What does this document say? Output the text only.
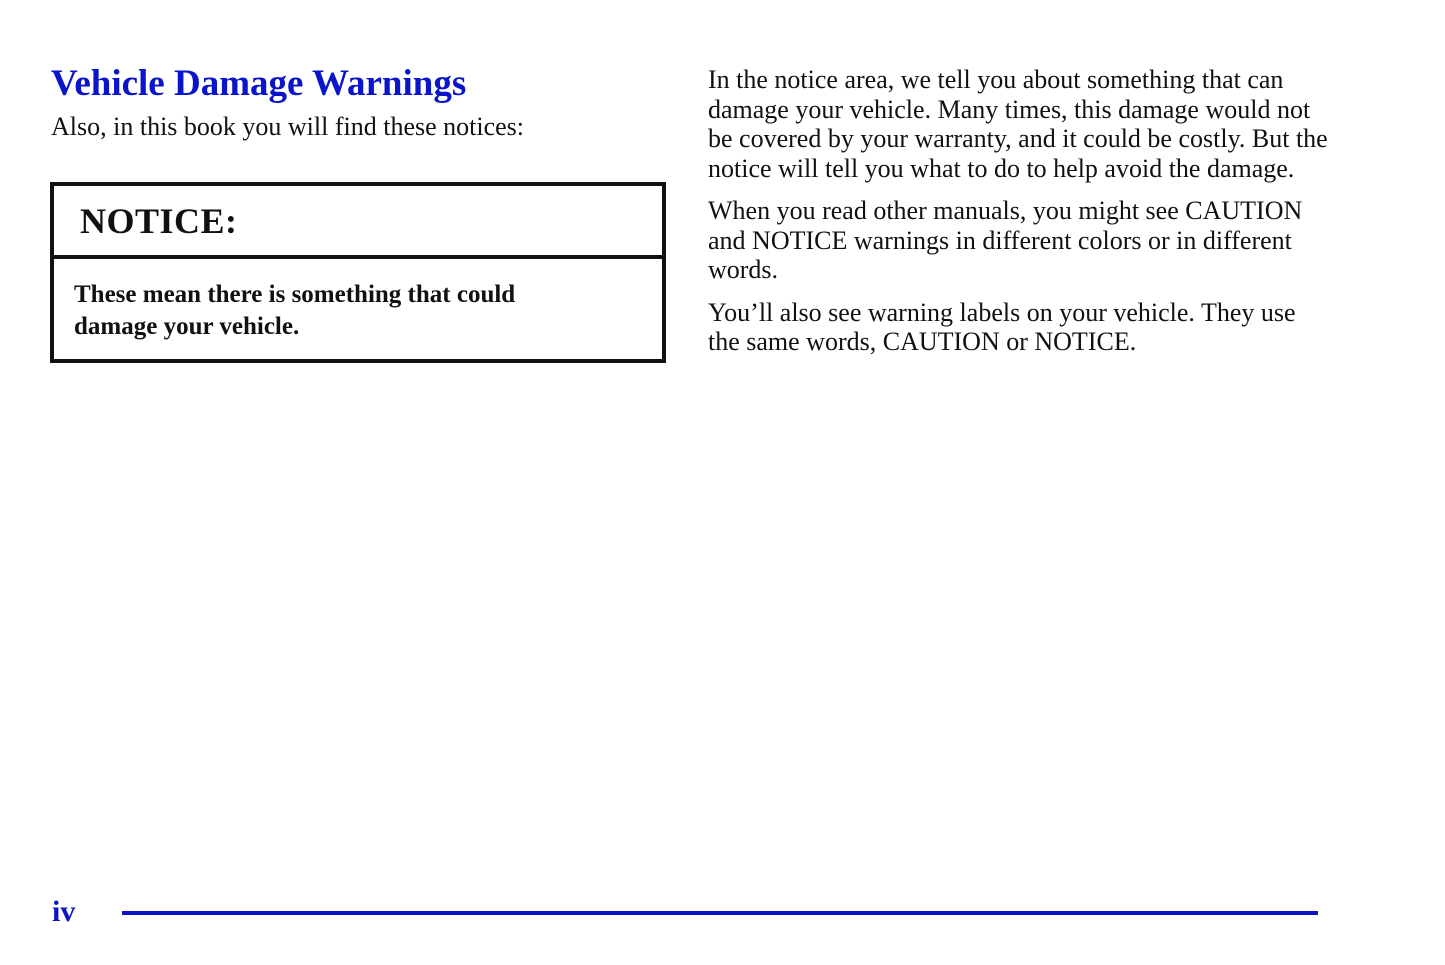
Vehicle Damage Warnings

Also, in this book you will find these notices:

NOTICE:
These mean there is something that could
damage your vehicle.

In the notice area, we tell you about something that can damage your vehicle. Many times, this damage would not be covered by your warranty, and it could be costly. But the notice will tell you what to do to help avoid the damage.

When you read other manuals, you might see CAUTION and NOTICE warnings in different colors or in different words.

You’ll also see warning labels on your vehicle. They use the same words, CAUTION or NOTICE.

iv
